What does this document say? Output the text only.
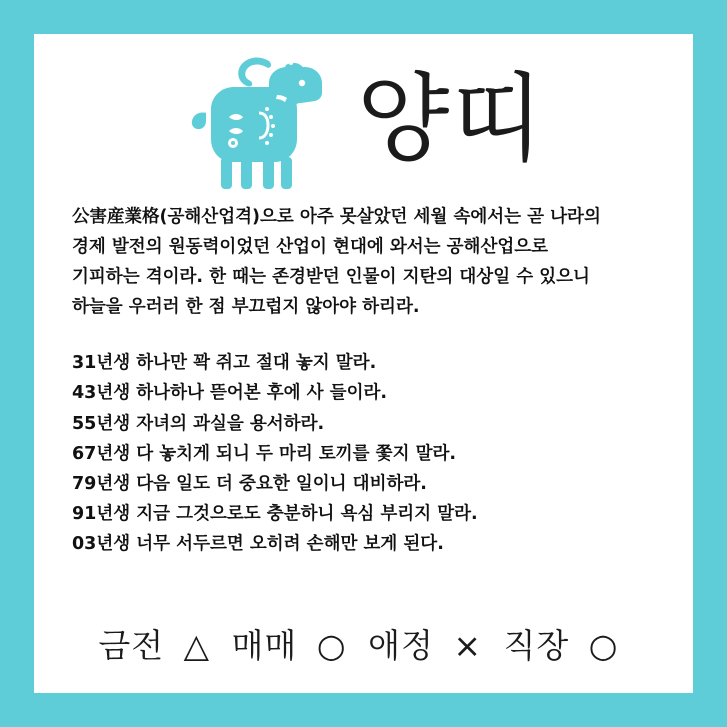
양띠
公害産業格(공해산업격)으로 아주 못살았던 세월 속에서는 곧 나라의
경제 발전의 원동력이었던 산업이 현대에 와서는 공해산업으로
기피하는 격이라. 한 때는 존경받던 인물이 지탄의 대상일 수 있으니
하늘을 우러러 한 점 부끄럽지 않아야 하리라.
31년생 하나만 꽉 쥐고 절대 놓지 말라.
43년생 하나하나 뜯어본 후에 사 들이라.
55년생 자녀의 과실을 용서하라.
67년생 다 놓치게 되니 두 마리 토끼를 쫓지 말라.
79년생 다음 일도 더 중요한 일이니 대비하라.
91년생 지금 그것으로도 충분하니 욕심 부리지 말라.
03년생 너무 서두르면 오히려 손해만 보게 된다.
금전 △ 매매 ○ 애정 × 직장 ○
